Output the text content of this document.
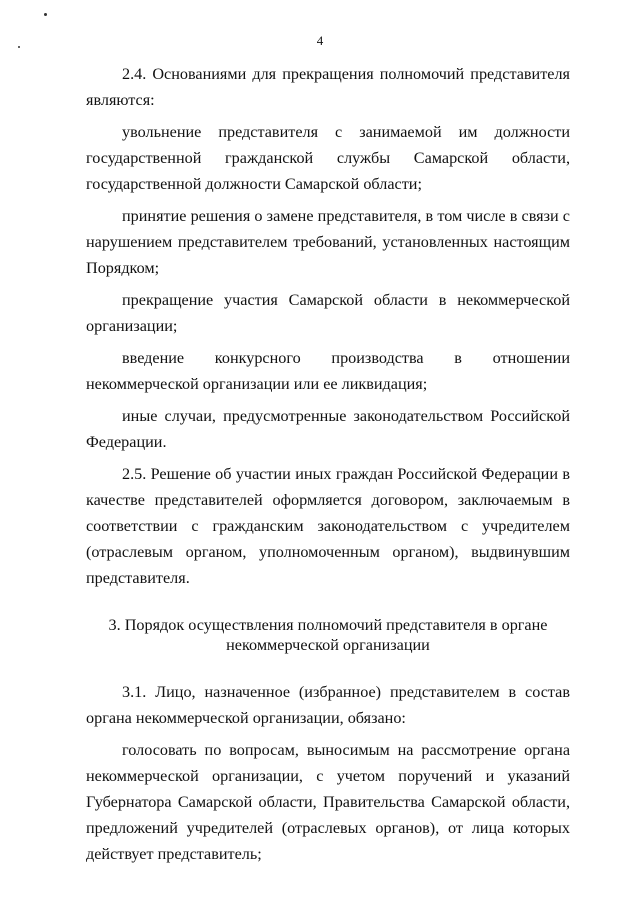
4

2.4. Основаниями для прекращения полномочий представителя являются:

увольнение представителя с занимаемой им должности государственной гражданской службы Самарской области, государственной должности Самарской области;

принятие решения о замене представителя, в том числе в связи с нарушением представителем требований, установленных настоящим Порядком;

прекращение участия Самарской области в некоммерческой организации;

введение конкурсного производства в отношении некоммерческой организации или ее ликвидация;

иные случаи, предусмотренные законодательством Российской Федерации.

2.5. Решение об участии иных граждан Российской Федерации в качестве представителей оформляется договором, заключаемым в соответствии с гражданским законодательством с учредителем (отраслевым органом, уполномоченным органом), выдвинувшим представителя.

3. Порядок осуществления полномочий представителя в органе
некоммерческой организации

3.1. Лицо, назначенное (избранное) представителем в состав органа некоммерческой организации, обязано:

голосовать по вопросам, выносимым на рассмотрение органа некоммерческой организации, с учетом поручений и указаний Губернатора Самарской области, Правительства Самарской области, предложений учредителей (отраслевых органов), от лица которых действует представитель;
